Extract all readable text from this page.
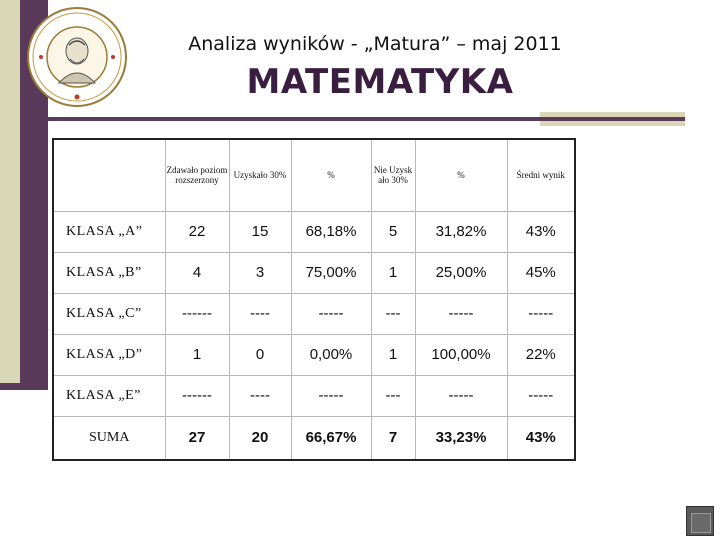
Analiza wyników - „Matura” – maj 2011
MATEMATYKA
	Zdawało poziom rozszerzony	Uzyskało 30%	%	Nie Uzysk ało 30%	%	Średni wynik
KLASA „A”	22	15	68,18%	5	31,82%	43%
KLASA „B”	4	3	75,00%	1	25,00%	45%
KLASA „C”	------	----	-----	---	-----	-----
KLASA „D”	1	0	0,00%	1	100,00%	22%
KLASA „E”	------	----	-----	---	-----	-----
SUMA	27	20	66,67%	7	33,23%	43%
